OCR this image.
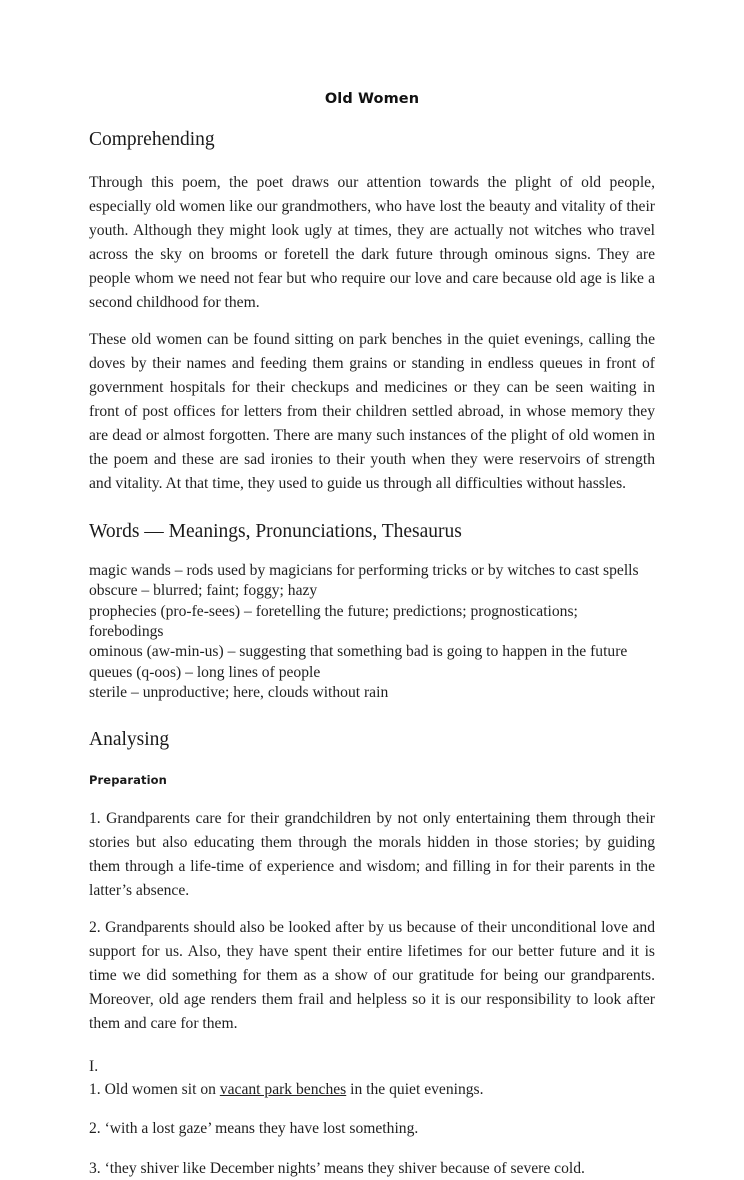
Old Women
Comprehending

Through this poem, the poet draws our attention towards the plight of old people, especially old women like our grandmothers, who have lost the beauty and vitality of their youth. Although they might look ugly at times, they are actually not witches who travel across the sky on brooms or foretell the dark future through ominous signs. They are people whom we need not fear but who require our love and care because old age is like a second childhood for them.

These old women can be found sitting on park benches in the quiet evenings, calling the doves by their names and feeding them grains or standing in endless queues in front of government hospitals for their checkups and medicines or they can be seen waiting in front of post offices for letters from their children settled abroad, in whose memory they are dead or almost forgotten. There are many such instances of the plight of old women in the poem and these are sad ironies to their youth when they were reservoirs of strength and vitality. At that time, they used to guide us through all difficulties without hassles.

Words — Meanings, Pronunciations, Thesaurus
magic wands – rods used by magicians for performing tricks or by witches to cast spells
obscure – blurred; faint; foggy; hazy
prophecies (pro-fe-sees) – foretelling the future; predictions; prognostications; forebodings
ominous (aw-min-us) – suggesting that something bad is going to happen in the future
queues (q-oos) – long lines of people
sterile – unproductive; here, clouds without rain
Analysing
Preparation

1. Grandparents care for their grandchildren by not only entertaining them through their stories but also educating them through the morals hidden in those stories; by guiding them through a life-time of experience and wisdom; and filling in for their parents in the latter’s absence.

2. Grandparents should also be looked after by us because of their unconditional love and support for us. Also, they have spent their entire lifetimes for our better future and it is time we did something for them as a show of our gratitude for being our grandparents. Moreover, old age renders them frail and helpless so it is our responsibility to look after them and care for them.

I.

1. Old women sit on vacant park benches in the quiet evenings.

2. ‘with a lost gaze’ means they have lost something.

3. ‘they shiver like December nights’ means they shiver because of severe cold.
